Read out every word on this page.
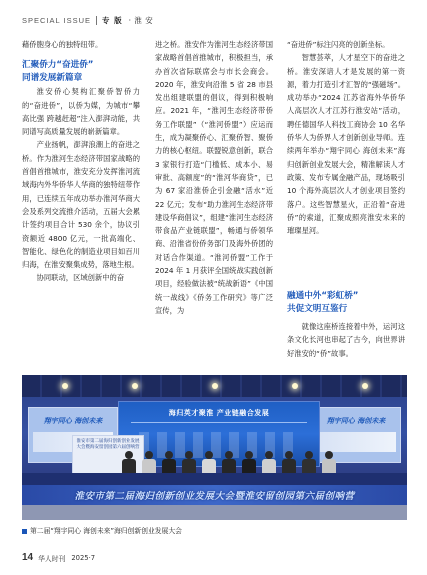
SPECIAL ISSUE 专 版 · 淮 安

藉侨胞身心的独特纽带。

汇聚侨力“奋进侨”

同谱发展新篇章

淮安侨心契构汇聚侨智侨力的“奋进侨”，以侨为媒，为城市“攀高比强 跨越赶超”注入澎湃动能，共同谱写高质量发展的崭新篇章。

产业扬帆，澎湃浪潮上的奋进之桥。作为淮河生态经济带国家战略的首倡首推城市，淮安充分发挥淮河流域海内外华侨华人华商的独特纽带作用，已连续五年成功举办淮河华商大会及系列交流推介活动，五届大会累计签约项目合计 530 余个，协议引资额近 4800 亿元，一批高端化、智能化、绿色化的制造业项目如百川归海，在淮安聚集成势，落地生根。

协同联动，区域创新中的奋

进之桥。淮安作为淮河生态经济带国家战略首倡首推城市，积极担当，承办首次省际联席会与市长会商会。2020 年，淮安向沿淮 5 省 28 市县发出组建联盟的倡议，得到积极响应。2021 年，“淮河生态经济带侨务工作联盟”（“淮河侨盟”）应运而生，成为凝聚侨心、汇聚侨智、聚侨力的核心枢纽。联盟锐意创新，联合 3 家银行打造“门槛低、成本小、易审批、高额度”的“淮河华商贷”，已为 67 家沿淮侨企引金融“活水”近 22 亿元；发布“助力淮河生态经济带建设华商倡议”，组建“淮河生态经济带食品产业链联盟”，畅通与侨领华商、沿淮省份侨务部门及海外侨团的对话合作渠道。“淮河侨盟”工作于 2024 年 1 月获评全国统战实践创新项目，经验做法被“统战新语”《中国统一战线》《侨务工作研究》等广泛宣传，为

“奋进侨”标注闪亮的创新坐标。

智慧荟萃，人才星空下的奋进之桥。淮安深谙人才是发展的第一资源，着力打造引才汇智的“强磁场”。成功举办“2024 江苏省海外华侨华人高层次人才江苏行淮安站”活动，聘任德国华人科技工商协会 10 名华侨华人为侨界人才创新创业导师。连续两年举办“翔宇同心 海创未来”海归创新创业发展大会，精准解读人才政策、发布专属金融产品，现场吸引 10 个海外高层次人才创业项目签约落户。这些智慧星火，正沿着“奋进侨”的索道，汇聚成照亮淮安未来的璀璨星河。

融通中外“彩虹桥”
共促文明互鉴行

就像这座桥连接着中外，运河这条文化长河也串起了古今，向世界讲好淮安的“侨”故事。

翔宇同心 海创未来	翔宇同心 海创未来
海归英才聚淮 产业链融合发展
淮安市第二届海归创新创业发展大会暨海安留创园第六届创响营
淮安市第二届海归创新创业发展大会暨淮安留创园第六届创响营
第二届“翔宇同心 海创未来”海归创新创业发展大会
14 华人时刊 2025·7
